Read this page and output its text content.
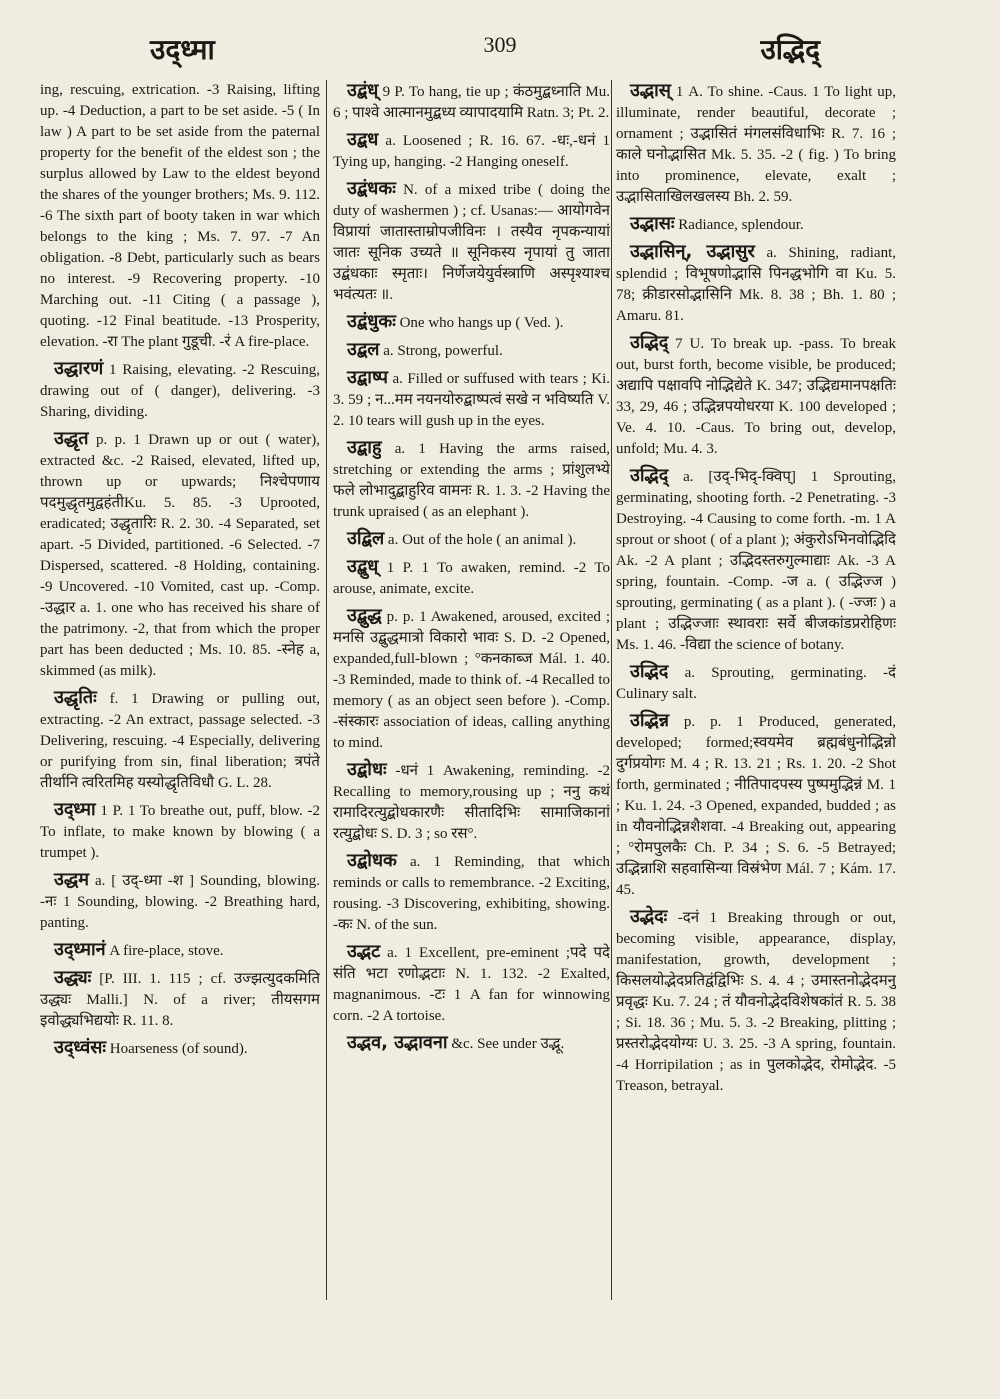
उद्ध्मा	309	उद्भिद्
ing, rescuing, extrication. -3 Raising, lifting up. -4 Deduction, a part to be set aside. -5 ( In law ) A part to be set aside from the paternal property for the benefit of the eldest son ; the surplus allowed by Law to the eldest beyond the shares of the younger brothers; Ms. 9. 112. -6 The sixth part of booty taken in war which belongs to the king ; Ms. 7. 97. -7 An obligation. -8 Debt, particularly such as bears no interest. -9 Recovering property. -10 Marching out. -11 Citing ( a passage ), quoting. -12 Final beatitude. -13 Prosperity, elevation. -रा The plant गुडूची. -रं A fire-place.
उद्धारणं 1 Raising, elevating. -2 Rescuing, drawing out of ( danger), delivering. -3 Sharing, dividing.
उद्धृत p. p. 1 Drawn up or out ( water), extracted &c. -2 Raised, elevated, lifted up, thrown up or upwards; निश्चेपणाय पदमुद्धृतमुद्वहंतीKu. 5. 85. -3 Uprooted, eradicated; उद्धृतारिः R. 2. 30. -4 Separated, set apart. -5 Divided, partitioned. -6 Selected. -7 Dispersed, scattered. -8 Holding, containing. -9 Uncovered. -10 Vomited, cast up. -Comp. -उद्धार a. 1. one who has received his share of the patrimony. -2, that from which the proper part has been deducted ; Ms. 10. 85. -स्नेह a, skimmed (as milk).
उद्धृतिः f. 1 Drawing or pulling out, extracting. -2 An extract, passage selected. -3 Delivering, rescuing. -4 Especially, delivering or purifying from sin, final liberation; त्रपंते तीर्थानि त्वरितमिह यस्योद्धृतिविधौ G. L. 28.
उद्ध्मा 1 P. 1 To breathe out, puff, blow. -2 To inflate, to make known by blowing ( a trumpet ).
उद्धम a. [ उद्-ध्मा -श ] Sounding, blowing. -नः 1 Sounding, blowing. -2 Breathing hard, panting.
उद्ध्मानं A fire-place, stove.
उद्ध्यः [P. III. 1. 115 ; cf. उज्झत्युदकमिति उद्ध्यः Malli.] N. of a river; तीयसगम इवोद्ध्यभिद्ययोः R. 11. 8.
उद्ध्वंसः Hoarseness (of sound).
उद्बंध् 9 P. To hang, tie up ; कंठमुद्बध्नाति Mu. 6 ; पाश्वे आत्मानमुद्बध्य व्यापादयामि Ratn. 3; Pt. 2.
उद्बध a. Loosened ; R. 16. 67. -धः,-धनं 1 Tying up, hanging. -2 Hanging oneself.
उद्बंधकः N. of a mixed tribe ( doing the duty of washermen ) ; cf. Usanas:— आयोगवेन विप्रायां जातास्ताम्रोपजीविनः । तस्यैव नृपकन्यायां जातः सूनिक उच्यते ॥ सूनिकस्य नृपायां तु जाता उद्बंधकाः स्मृताः। निर्णेजयेयुर्वस्त्राणि अस्पृश्याश्च भवंत्यतः ॥.
उद्बंधुकः One who hangs up ( Ved. ).
उद्बल a. Strong, powerful.
उद्बाष्प a. Filled or suffused with tears ; Ki. 3. 59 ; न...मम नयनयोरुद्बाष्पत्वं सखे न भविष्यति V. 2. 10 tears will gush up in the eyes.
उद्बाहु a. 1 Having the arms raised, stretching or extending the arms ; प्रांशुलभ्ये फले लोभादुद्बाहुरिव वामनः R. 1. 3. -2 Having the trunk upraised ( as an elephant ).
उद्बिल a. Out of the hole ( an animal ).
उद्बुध् 1 P. 1 To awaken, remind. -2 To arouse, animate, excite.
उद्बुद्ध p. p. 1 Awakened, aroused, excited ; मनसि उद्बुद्धमात्रो विकारो भावः S. D. -2 Opened, expanded,full-blown ; °कनकाब्ज Mál. 1. 40. -3 Reminded, made to think of. -4 Recalled to memory ( as an object seen before ). -Comp. -संस्कारः association of ideas, calling anything to mind.
उद्बोधः -धनं 1 Awakening, reminding. -2 Recalling to memory,rousing up ; ननु कथं रामादिरत्युद्बोधकारणैः सीतादिभिः सामाजिकानां रत्युद्बोधः S. D. 3 ; so रस°.
उद्बोधक a. 1 Reminding, that which reminds or calls to remembrance. -2 Exciting, rousing. -3 Discovering, exhibiting, showing. -कः N. of the sun.
उद्भट a. 1 Excellent, pre-eminent ;पदे पदे संति भटा रणोद्भटाः N. 1. 132. -2 Exalted, magnanimous. -टः 1 A fan for winnowing corn. -2 A tortoise.
उद्भव, उद्भावना &c. See under उद्भू.
उद्भास् 1 A. To shine. -Caus. 1 To light up, illuminate, render beautiful, decorate ; ornament ; उद्भासितं मंगलसंविधाभिः R. 7. 16 ; काले घनोद्भासित Mk. 5. 35. -2 ( fig. ) To bring into prominence, elevate, exalt ; उद्भासिताखिलखलस्य Bh. 2. 59.
उद्भासः Radiance, splendour.
उद्भासिन्, उद्भासुर a. Shining, radiant, splendid ; विभूषणोद्भासि पिनद्धभोगि वा Ku. 5. 78; क्रीडारसोद्भासिनि Mk. 8. 38 ; Bh. 1. 80 ; Amaru. 81.
उद्भिद् 7 U. To break up. -pass. To break out, burst forth, become visible, be produced; अद्यापि पक्षावपि नोद्भिद्येते K. 347; उद्भिद्यमानपक्षतिः 33, 29, 46 ; उद्भिन्नपयोधरया K. 100 developed ; Ve. 4. 10. -Caus. To bring out, develop, unfold; Mu. 4. 3.
उद्भिद् a. [उद्-भिद्-क्विप्] 1 Sprouting, germinating, shooting forth. -2 Penetrating. -3 Destroying. -4 Causing to come forth. -m. 1 A sprout or shoot ( of a plant ); अंकुरोऽभिनवोद्भिदि Ak. -2 A plant ; उद्भिदस्तरुगुल्माद्याः Ak. -3 A spring, fountain. -Comp. -ज a. ( उद्भिज्ज ) sprouting, germinating ( as a plant ). ( -ज्जः ) a plant ; उद्भिज्जाः स्थावराः सर्वे बीजकांडप्ररोहिणः Ms. 1. 46. -विद्या the science of botany.
उद्भिद a. Sprouting, germinating. -दं Culinary salt.
उद्भिन्न p. p. 1 Produced, generated, developed; formed;स्वयमेव ब्रह्मबंधुनोद्भिन्नो दुर्गप्रयोगः M. 4 ; R. 13. 21 ; Rs. 1. 20. -2 Shot forth, germinated ; नीतिपादपस्य पुष्पमुद्भिन्नं M. 1 ; Ku. 1. 24. -3 Opened, expanded, budded ; as in यौवनोद्भिन्नशैशवा. -4 Breaking out, appearing ; °रोमपुलकैः Ch. P. 34 ; S. 6. -5 Betrayed; उद्भिन्नाशि सहवासिन्या विस्रंभेण Mál. 7 ; Kám. 17. 45.
उद्भेदः -दनं 1 Breaking through or out, becoming visible, appearance, display, manifestation, growth, development ; किसलयोद्भेदप्रतिद्वंद्विभिः S. 4. 4 ; उमास्तनोद्भेदमनु प्रवृद्धः Ku. 7. 24 ; तं यौवनोद्भेदविशेषकांतं R. 5. 38 ; Si. 18. 36 ; Mu. 5. 3. -2 Breaking, plitting ; प्रस्तरोद्भेदयोग्यः U. 3. 25. -3 A spring, fountain. -4 Horripilation ; as in पुलकोद्भेद, रोमोद्भेद. -5 Treason, betrayal.
